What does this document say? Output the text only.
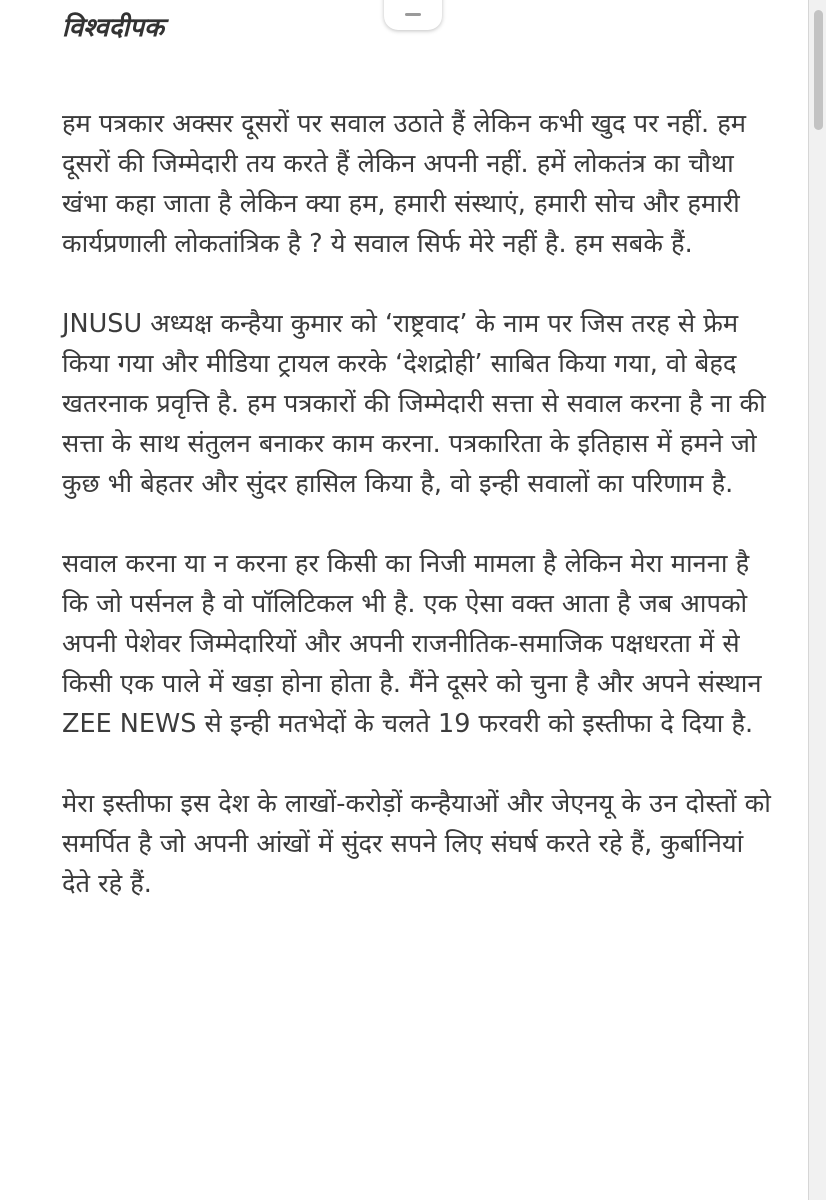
विश्वदीपक

हम पत्रकार अक्सर दूसरों पर सवाल उठाते हैं लेकिन कभी खुद पर नहीं. हम दूसरों की जिम्मेदारी तय करते हैं लेकिन अपनी नहीं. हमें लोकतंत्र का चौथा खंभा कहा जाता है लेकिन क्या हम, हमारी संस्थाएं, हमारी सोच और हमारी कार्यप्रणाली लोकतांत्रिक है ? ये सवाल सिर्फ मेरे नहीं है. हम सबके हैं.

JNUSU अध्यक्ष कन्हैया कुमार को ‘राष्ट्रवाद’ के नाम पर जिस तरह से फ्रेम किया गया और मीडिया ट्रायल करके ‘देशद्रोही’ साबित किया गया, वो बेहद खतरनाक प्रवृत्ति है. हम पत्रकारों की जिम्मेदारी सत्ता से सवाल करना है ना की सत्ता के साथ संतुलन बनाकर काम करना. पत्रकारिता के इतिहास में हमने जो कुछ भी बेहतर और सुंदर हासिल किया है, वो इन्ही सवालों का परिणाम है.

सवाल करना या न करना हर किसी का निजी मामला है लेकिन मेरा मानना है कि जो पर्सनल है वो पॉलिटिकल भी है. एक ऐसा वक्त आता है जब आपको अपनी पेशेवर जिम्मेदारियों और अपनी राजनीतिक-समाजिक पक्षधरता में से किसी एक पाले में खड़ा होना होता है. मैंने दूसरे को चुना है और अपने संस्थान ZEE NEWS से इन्ही मतभेदों के चलते 19 फरवरी को इस्तीफा दे दिया है.

मेरा इस्तीफा इस देश के लाखों-करोड़ों कन्हैयाओं और जेएनयू के उन दोस्तों को समर्पित है जो अपनी आंखों में सुंदर सपने लिए संघर्ष करते रहे हैं, कुर्बानियां देते रहे हैं.
